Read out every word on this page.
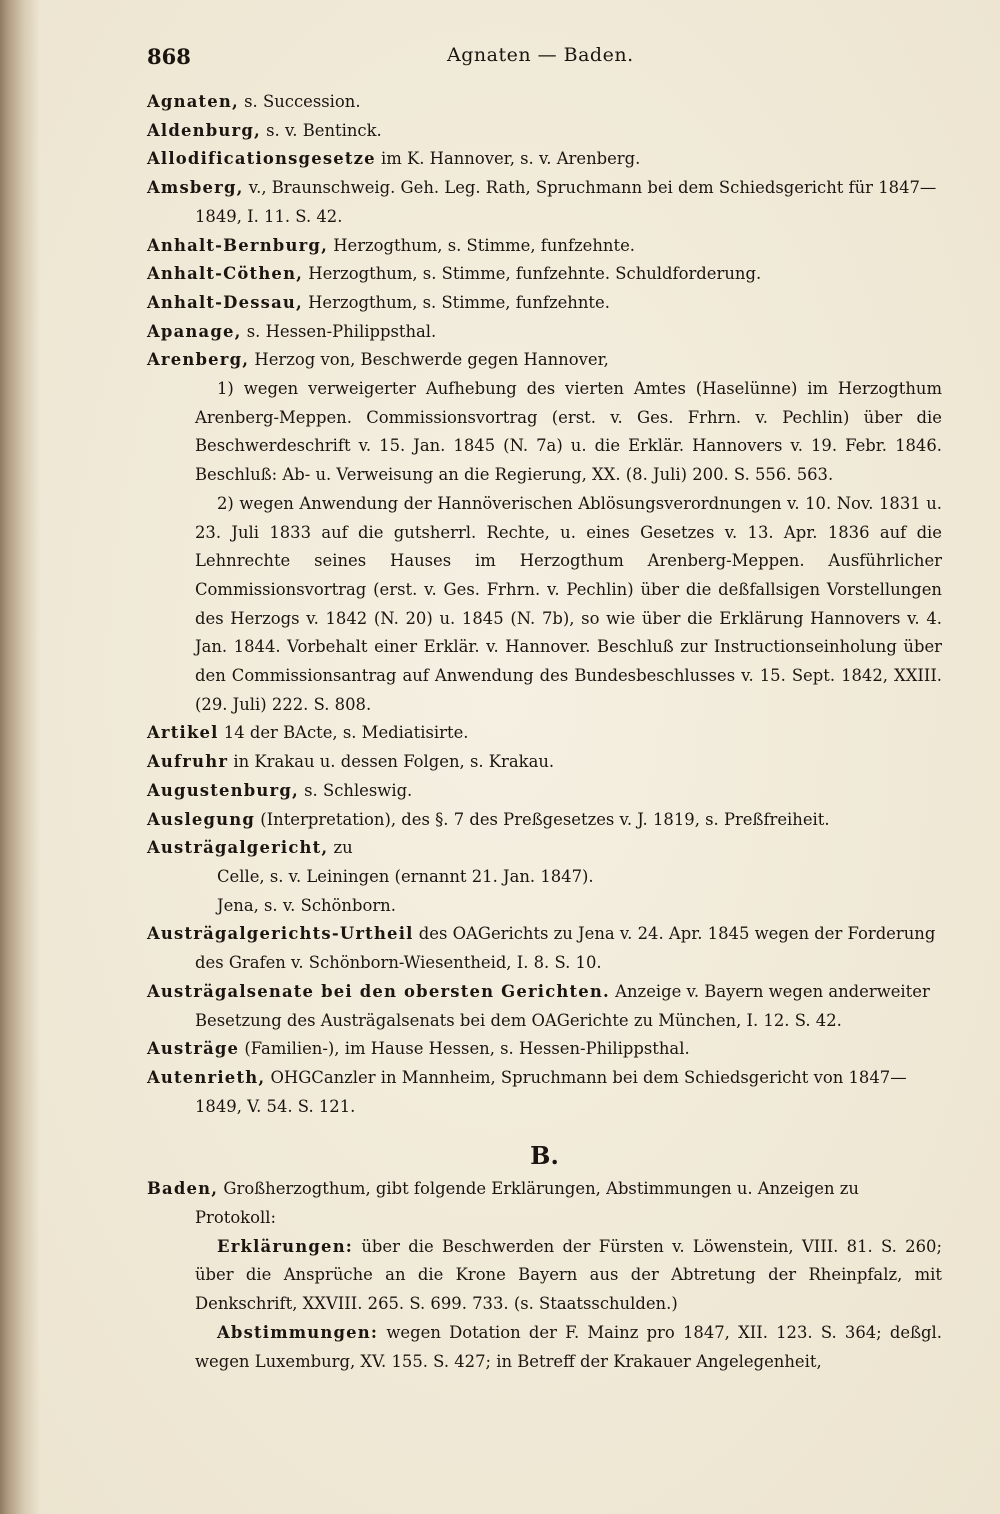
868	Agnaten — Baden.

Agnaten, s. Succession.

Aldenburg, s. v. Bentinck.

Allodificationsgesetze im K. Hannover, s. v. Arenberg.

Amsberg, v., Braunschweig. Geh. Leg. Rath, Spruchmann bei dem Schiedsgericht für 1847—1849, I. 11. S. 42.

Anhalt-Bernburg, Herzogthum, s. Stimme, funfzehnte.

Anhalt-Cöthen, Herzogthum, s. Stimme, funfzehnte. Schuldforderung.

Anhalt-Dessau, Herzogthum, s. Stimme, funfzehnte.

Apanage, s. Hessen-Philippsthal.

Arenberg, Herzog von, Beschwerde gegen Hannover,

1) wegen verweigerter Aufhebung des vierten Amtes (Haselünne) im Herzogthum Arenberg-Meppen. Commissionsvortrag (erst. v. Ges. Frhrn. v. Pechlin) über die Beschwerdeschrift v. 15. Jan. 1845 (N. 7a) u. die Erklär. Hannovers v. 19. Febr. 1846. Beschluß: Ab- u. Verweisung an die Regierung, XX. (8. Juli) 200. S. 556. 563.

2) wegen Anwendung der Hannöverischen Ablösungsverordnungen v. 10. Nov. 1831 u. 23. Juli 1833 auf die gutsherrl. Rechte, u. eines Gesetzes v. 13. Apr. 1836 auf die Lehnrechte seines Hauses im Herzogthum Arenberg-Meppen. Ausführlicher Commissionsvortrag (erst. v. Ges. Frhrn. v. Pechlin) über die deßfallsigen Vorstellungen des Herzogs v. 1842 (N. 20) u. 1845 (N. 7b), so wie über die Erklärung Hannovers v. 4. Jan. 1844. Vorbehalt einer Erklär. v. Hannover. Beschluß zur Instructionseinholung über den Commissionsantrag auf Anwendung des Bundesbeschlusses v. 15. Sept. 1842, XXIII. (29. Juli) 222. S. 808.

Artikel 14 der BActe, s. Mediatisirte.

Aufruhr in Krakau u. dessen Folgen, s. Krakau.

Augustenburg, s. Schleswig.

Auslegung (Interpretation), des §. 7 des Preßgesetzes v. J. 1819, s. Preßfreiheit.

Austrägalgericht, zu

Celle, s. v. Leiningen (ernannt 21. Jan. 1847).

Jena, s. v. Schönborn.

Austrägalgerichts-Urtheil des OAGerichts zu Jena v. 24. Apr. 1845 wegen der Forderung des Grafen v. Schönborn-Wiesentheid, I. 8. S. 10.

Austrägalsenate bei den obersten Gerichten. Anzeige v. Bayern wegen anderweiter Besetzung des Austrägalsenats bei dem OAGerichte zu München, I. 12. S. 42.

Austräge (Familien-), im Hause Hessen, s. Hessen-Philippsthal.

Autenrieth, OHGCanzler in Mannheim, Spruchmann bei dem Schiedsgericht von 1847—1849, V. 54. S. 121.

B.

Baden, Großherzogthum, gibt folgende Erklärungen, Abstimmungen u. Anzeigen zu Protokoll:

Erklärungen: über die Beschwerden der Fürsten v. Löwenstein, VIII. 81. S. 260; über die Ansprüche an die Krone Bayern aus der Abtretung der Rheinpfalz, mit Denkschrift, XXVIII. 265. S. 699. 733. (s. Staatsschulden.)

Abstimmungen: wegen Dotation der F. Mainz pro 1847, XII. 123. S. 364; deßgl. wegen Luxemburg, XV. 155. S. 427; in Betreff der Krakauer Angelegenheit,
